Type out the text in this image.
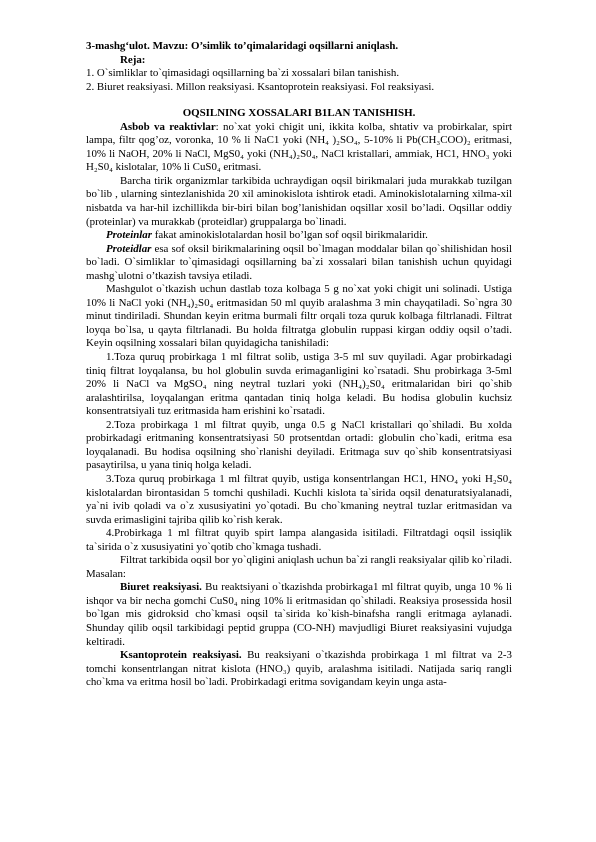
3-mashg‘ulot. Mavzu: O’simlik to’qimalaridagi oqsillarni aniqlash.

Reja:

1. O`simliklar to`qimasidagi oqsillarning ba`zi xossalari bilan tanishish.

2. Biuret reaksiyasi. Millon reaksiyasi. Ksantoprotein reaksiyasi. Fol reaksiyasi.

OQSILNING XOSSALARI B1LAN TANISHISH.

Asbob va reaktivlar: no`xat yoki chigit uni, ikkita kolba, shtativ va probirkalar, spirt lampa, filtr qog’oz, voronka, 10 % li NaC1 yoki (NH₄ )₂SO₄, 5-10% li Pb(CH₃COO)₂ eritmasi, 10% li NaOH, 20% li NaCl, MgS0₄ yoki (NH₄)₂S0₄, NaCl kristallari, ammiak, HC1, HNO₃ yoki H₂S0₄ kislotalar, 10% li CuS0₄ eritmasi.

Barcha tirik organizmlar tarkibida uchraydigan oqsil birikmalari juda murakkab tuzilgan bo`lib , ularning sintezlanishida 20 xil aminokislota ishtirok etadi. Aminokislotalarning xilma-xil nisbatda va har-hil izchillikda bir-biri bilan bog’lanishidan oqsillar xosil bo’ladi. Oqsillar oddiy (proteinlar) va murakkab (proteidlar) gruppalarga bo`linadi.

Proteinlar fakat aminokislotalardan hosil bo’lgan sof oqsil birikmalaridir.

Proteidlar esa sof oksil birikmalarining oqsil bo`lmagan moddalar bilan qo`shilishidan hosil bo`ladi. O`simliklar to`qimasidagi oqsillarning ba`zi xossalari bilan tanishish uchun quyidagi mashg`ulotni o’tkazish tavsiya etiladi.

Mashgulot o`tkazish uchun dastlab toza kolbaga 5 g no`xat yoki chigit uni solinadi. Ustiga 10% li NaCl yoki (NH₄)₂S0₄ eritmasidan 50 ml quyib aralashma 3 min chayqatiladi. So`ngra 30 minut tindiriladi. Shundan keyin eritma burmali filtr orqali toza quruk kolbaga filtrlanadi. Filtrat loyqa bo`lsa, u qayta filtrlanadi. Bu holda filtratga globulin ruppasi kirgan oddiy oqsil o’tadi. Keyin oqsilning xossalari bilan quyidagicha tanishiladi:

1.Toza quruq probirkaga 1 ml filtrat solib, ustiga 3-5 ml suv quyiladi. Agar probirkadagi tiniq filtrat loyqalansa, bu hol globulin suvda erimaganligini ko`rsatadi. Shu probirkaga 3-5ml 20% li NaCl va MgSO₄ ning neytral tuzlari yoki (NH₄)₂S0₄ eritmalaridan biri qo`shib aralashtirilsa, loyqalangan eritma qantadan tiniq holga keladi. Bu hodisa globulin kuchsiz konsentratsiyali tuz eritmasida ham erishini ko`rsatadi.

2.Toza probirkaga 1 ml filtrat quyib, unga 0.5 g NaCl kristallari qo`shiladi. Bu xolda probirkadagi eritmaning konsentratsiyasi 50 protsentdan ortadi: globulin cho`kadi, eritma esa loyqalanadi. Bu hodisa oqsilning sho`rlanishi deyiladi. Eritmaga suv qo`shib konsentratsiyasi pasaytirilsa, u yana tiniq holga keladi.

3.Toza quruq probirkaga 1 ml filtrat quyib, ustiga konsentrlangan HC1, HNO₄ yoki H₂S0₄ kislotalardan birontasidan 5 tomchi qushiladi. Kuchli kislota ta`sirida oqsil denaturatsiyalanadi, ya`ni ivib qoladi va o`z xususiyatini yo`qotadi. Bu cho`kmaning neytral tuzlar eritmasidan va suvda erimasligini tajriba qilib ko`rish kerak.

4.Probirkaga 1 ml filtrat quyib spirt lampa alangasida isitiladi. Filtratdagi oqsil issiqlik ta`sirida o`z xususiyatini yo`qotib cho`kmaga tushadi.

Filtrat tarkibida oqsil bor yo`qligini aniqlash uchun ba`zi rangli reaksiyalar qilib ko`riladi. Masalan:

Biuret reaksiyasi. Bu reaktsiyani o`tkazishda probirkaga1 ml filtrat quyib, unga 10 % li ishqor va bir necha gomchi CuS0₄ ning 10% li eritmasidan qo`shiladi. Reaksiya prosessida hosil bo`lgan mis gidroksid cho`kmasi oqsil ta`sirida ko`kish-binafsha rangli eritmaga aylanadi. Shunday qilib oqsil tarkibidagi peptid gruppa (CO-NH) mavjudligi Biuret reaksiyasini vujudga keltiradi.

Ksantoprotein reaksiyasi. Bu reaksiyani o`tkazishda probirkaga 1 ml filtrat va 2-3 tomchi konsentrlangan nitrat kislota (HNO₃) quyib, aralashma isitiladi. Natijada sariq rangli cho`kma va eritma hosil bo`ladi. Probirkadagi eritma sovigandam keyin unga asta-
